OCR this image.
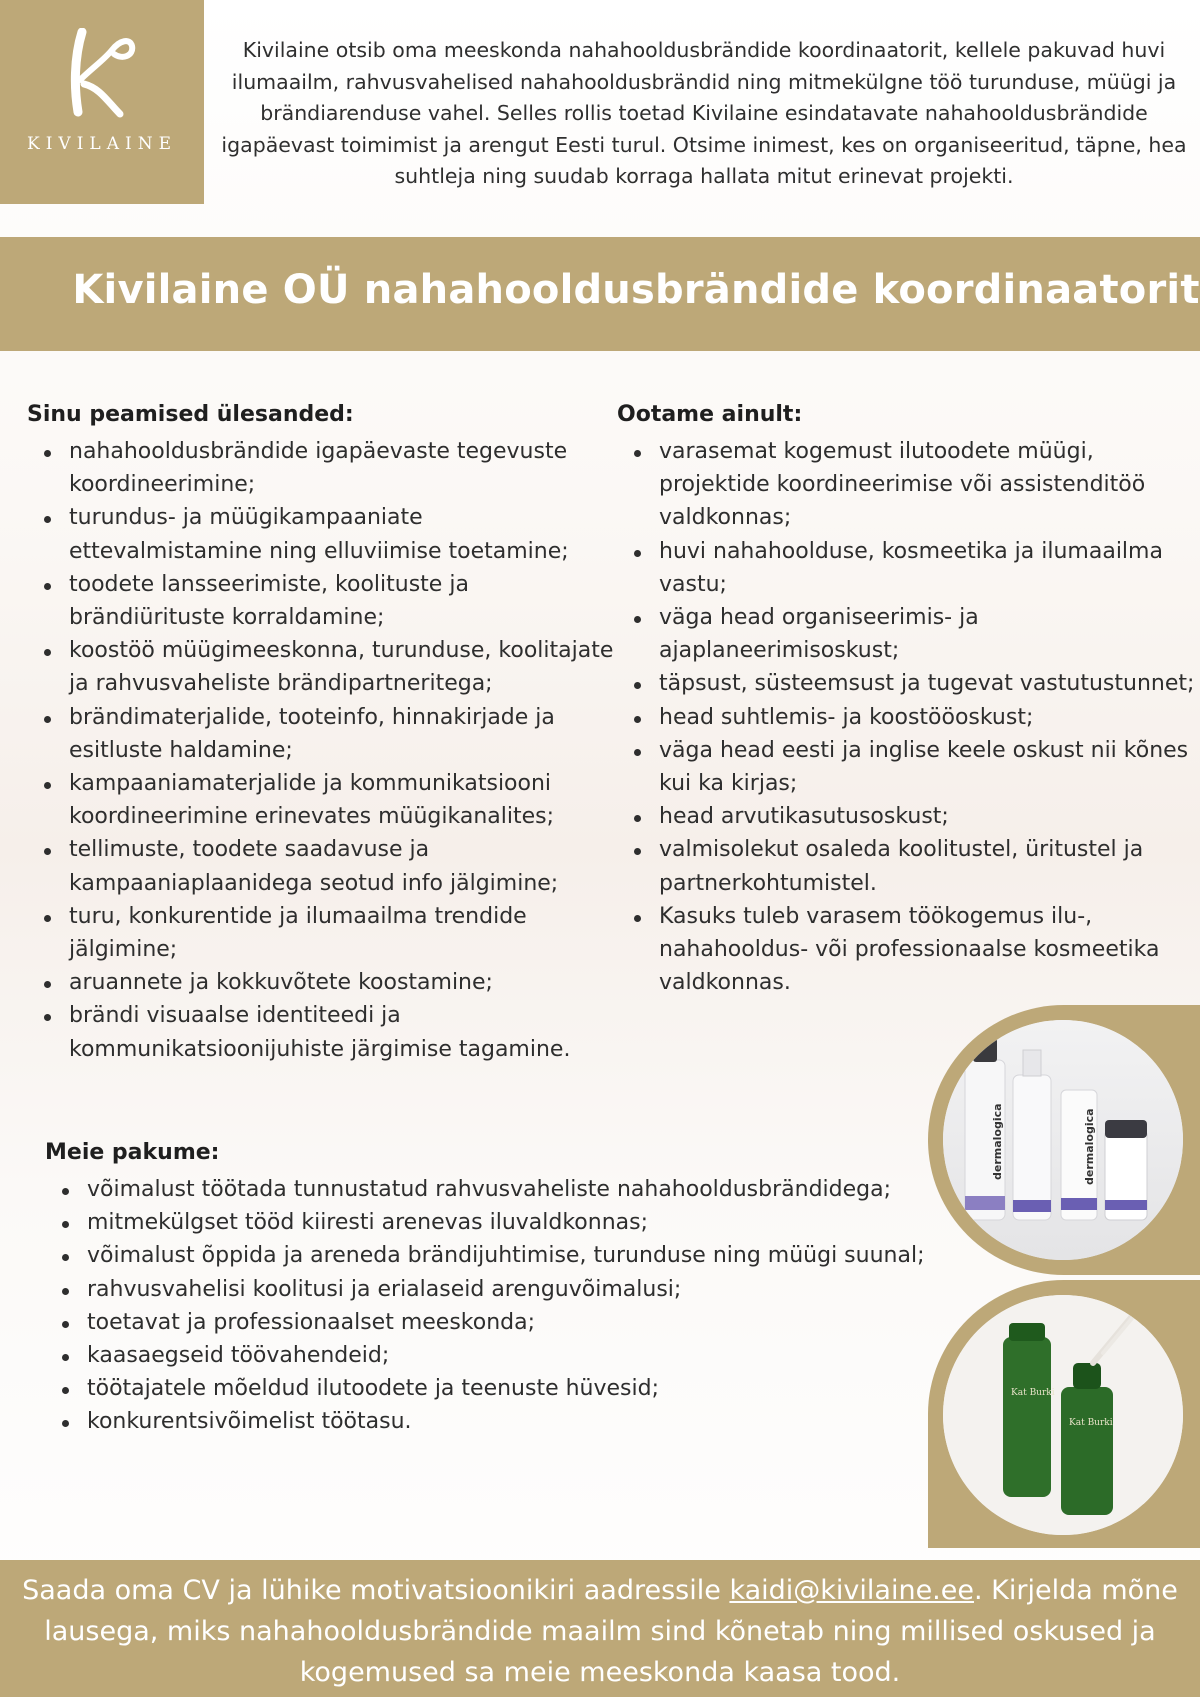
KIVILAINE

Kivilaine otsib oma meeskonda nahahooldusbrändide koordinaatorit, kellele pakuvad huvi ilumaailm, rahvusvahelised nahahooldusbrändid ning mitmekülgne töö turunduse, müügi ja brändiarenduse vahel. Selles rollis toetad Kivilaine esindatavate nahahooldusbrändide igapäevast toimimist ja arengut Eesti turul. Otsime inimest, kes on organiseeritud, täpne, hea suhtleja ning suudab korraga hallata mitut erinevat projekti.

Kivilaine OÜ nahahooldusbrändide koordinaatorit
Sinu peamised ülesanded:
nahahooldusbrändide igapäevaste tegevuste koordineerimine;
turundus- ja müügikampaaniate ettevalmistamine ning elluviimise toetamine;
toodete lansseerimiste, koolituste ja brändiürituste korraldamine;
koostöö müügimeeskonna, turunduse, koolitajate ja rahvusvaheliste brändipartneritega;
brändimaterjalide, tooteinfo, hinnakirjade ja esitluste haldamine;
kampaaniamaterjalide ja kommunikatsiooni koordineerimine erinevates müügikanalites;
tellimuste, toodete saadavuse ja kampaaniaplaanidega seotud info jälgimine;
turu, konkurentide ja ilumaailma trendide jälgimine;
aruannete ja kokkuvõtete koostamine;
brändi visuaalse identiteedi ja kommunikatsioonijuhiste järgimise tagamine.
Ootame ainult:
varasemat kogemust ilutoodete müügi, projektide koordineerimise või assistenditöö valdkonnas;
huvi nahahoolduse, kosmeetika ja ilumaailma vastu;
väga head organiseerimis- ja ajaplaneerimisoskust;
täpsust, süsteemsust ja tugevat vastutustunnet;
head suhtlemis- ja koostööoskust;
väga head eesti ja inglise keele oskust nii kõnes kui ka kirjas;
head arvutikasutusoskust;
valmisolekut osaleda koolitustel, üritustel ja partnerkohtumistel.
Kasuks tuleb varasem töökogemus ilu-, nahahooldus- või professionaalse kosmeetika valdkonnas.
Meie pakume:
võimalust töötada tunnustatud rahvusvaheliste nahahooldusbrändidega;
mitmekülgset tööd kiiresti arenevas iluvaldkonnas;
võimalust õppida ja areneda brändijuhtimise, turunduse ning müügi suunal;
rahvusvahelisi koolitusi ja erialaseid arenguvõimalusi;
toetavat ja professionaalset meeskonda;
kaasaegseid töövahendeid;
töötajatele mõeldud ilutoodete ja teenuste hüvesid;
konkurentsivõimelist töötasu.
dermalogica	dermalogica
Kat Burki
Kat Burki

Saada oma CV ja lühike motivatsioonikiri aadressile kaidi@kivilaine.ee. Kirjelda mõne lausega, miks nahahooldusbrändide maailm sind kõnetab ning millised oskused ja kogemused sa meie meeskonda kaasa tood.
